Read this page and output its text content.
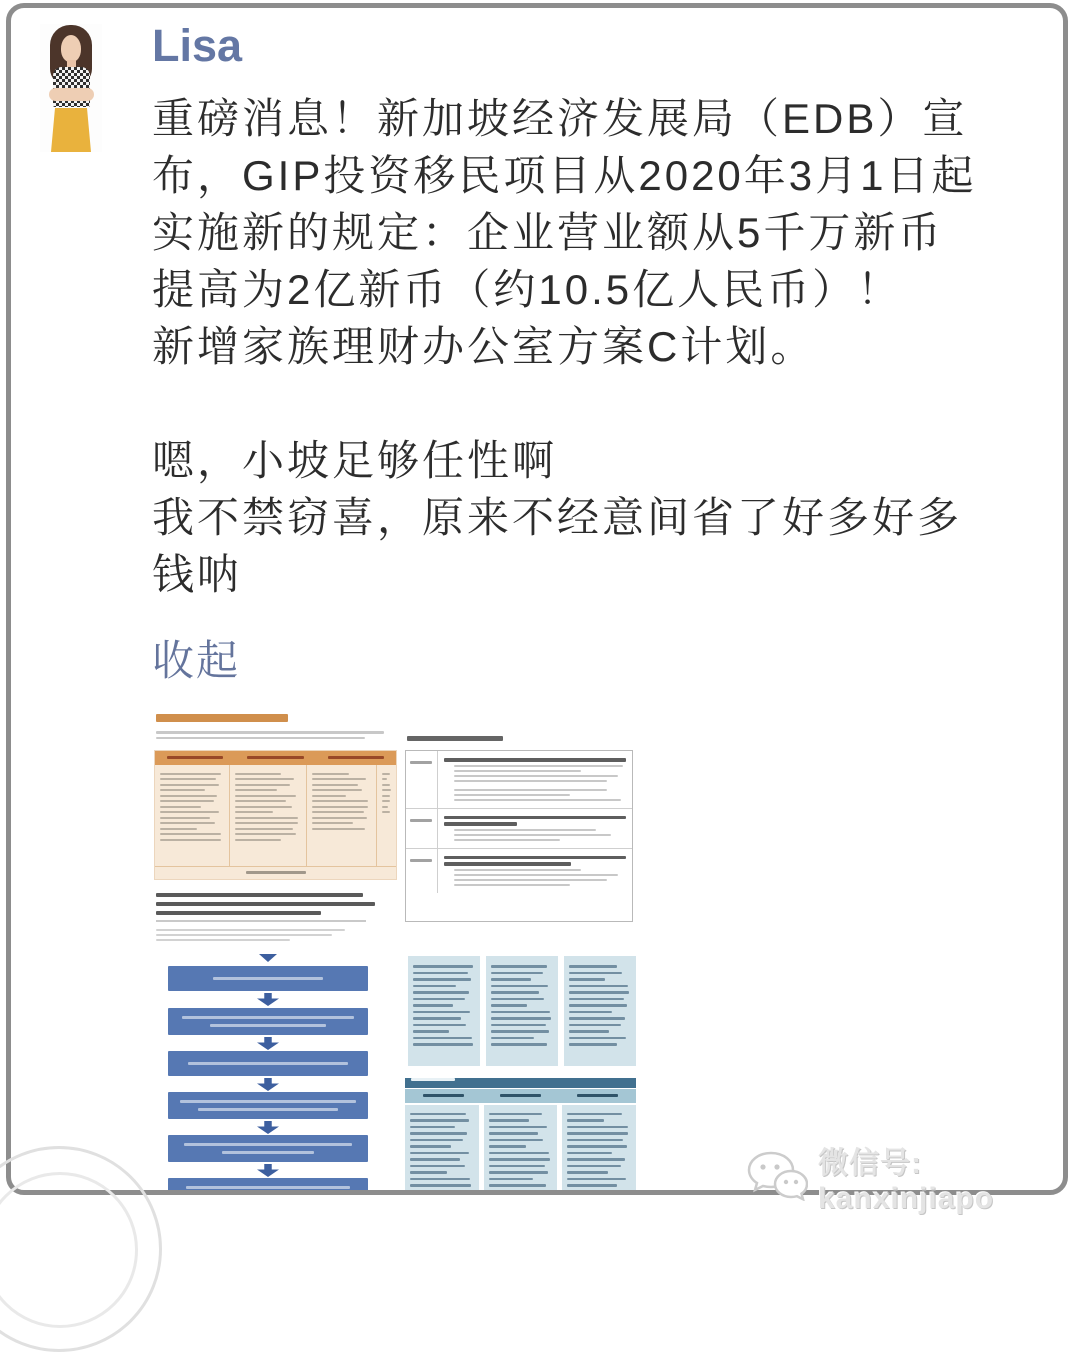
Lisa
重磅消息！新加坡经济发展局（EDB）宣
布，GIP投资移民项目从2020年3月1日起
实施新的规定：企业营业额从5千万新币
提高为2亿新币（约10.5亿人民币）！
新增家族理财办公室方案C计划。
嗯，小坡足够任性啊
我不禁窃喜，原来不经意间省了好多好多
钱呐
收起
微信号: kanxinjiapo
